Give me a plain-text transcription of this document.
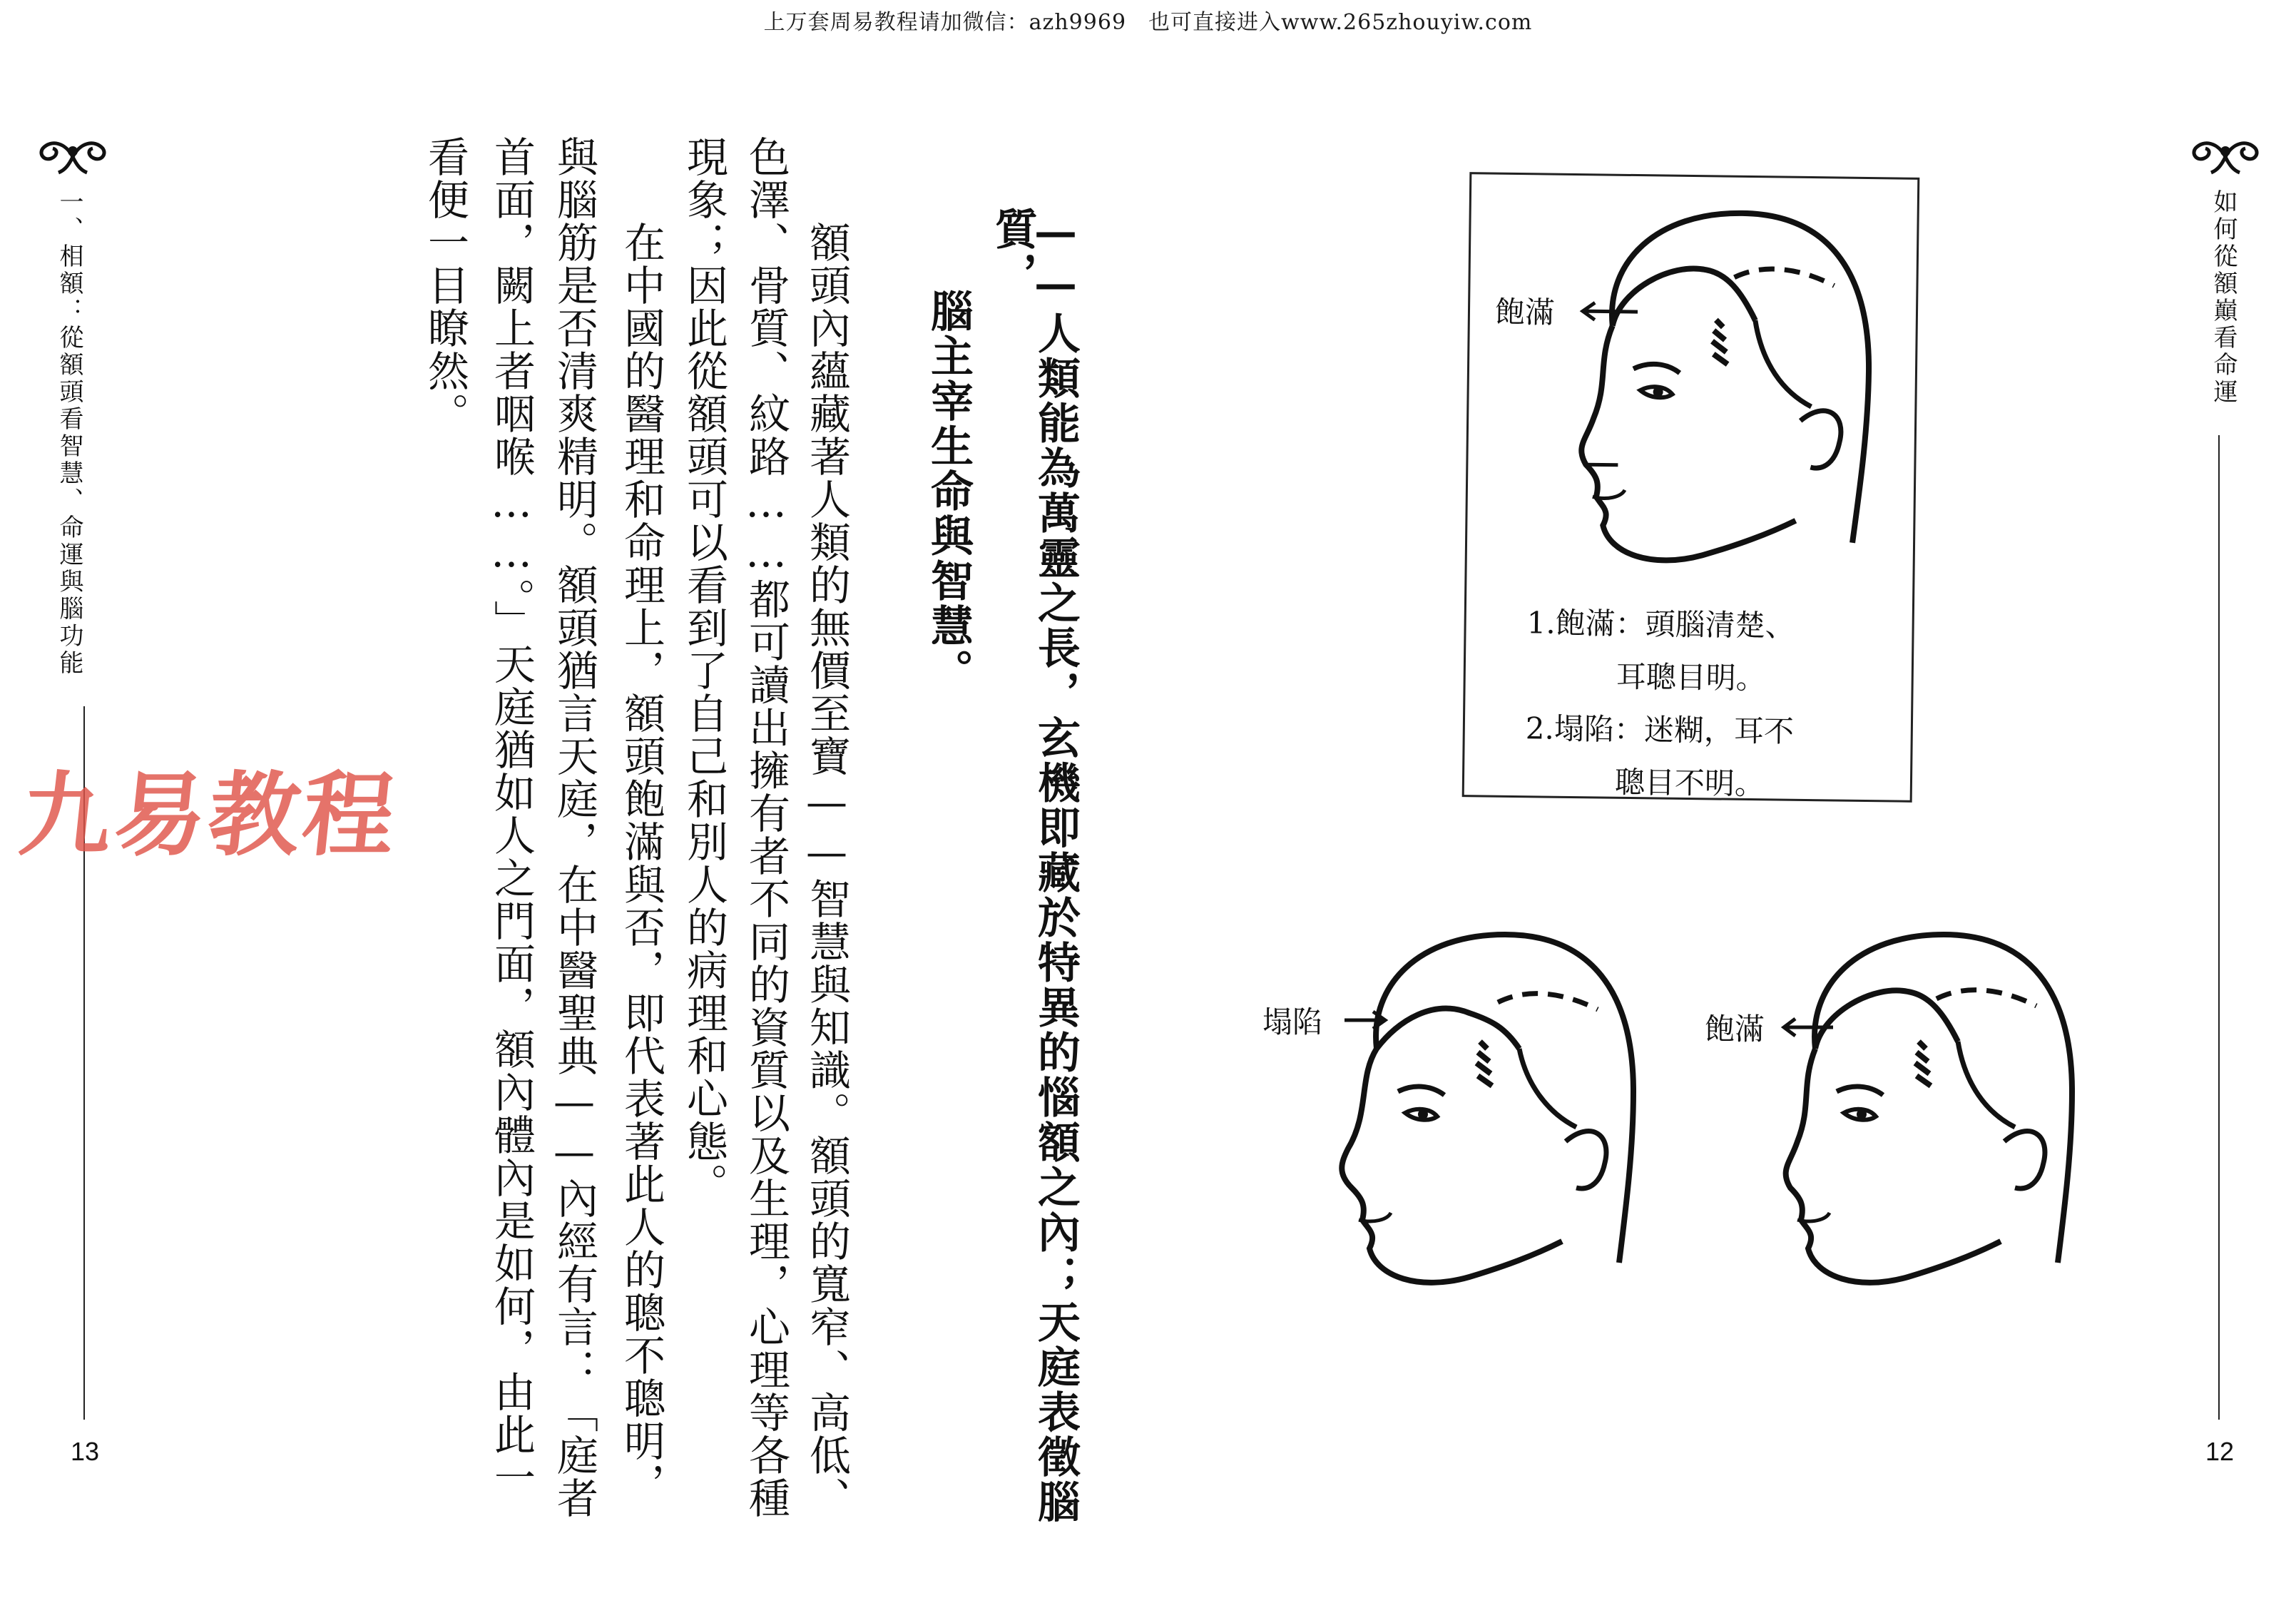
上万套周易教程请加微信：azh9969　也可直接进入www.265zhouyiw.com
一、相額：從額頭看智慧、命運與腦功能
13
九易教程	額頭內蘊藏著人類的無價至寶——智慧與知識。額頭的寬窄、高低、
色澤、骨質、紋路……都可讀出擁有者不同的資質以及生理，心理等各種
現象；因此從額頭可以看到了自己和別人的病理和心態。
在中國的醫理和命理上，額頭飽滿與否，即代表著此人的聰不聰明，
與腦筋是否清爽精明。額頭猶言天庭，在中醫聖典——內經有言：「庭者
首面，闕上者咽喉……。」天庭猶如人之門面，額內體內是如何，由此一
看便一目瞭然。	——人類能為萬靈之長，玄機即藏於特異的惱額之內；天庭表徵腦質，
腦主宰生命與智慧。	如何從額巔看命運
12
飽滿
1.飽滿：頭腦清楚、
　　　耳聰目明。
2.塌陷：迷糊，耳不
　　　聰目不明。
塌陷	飽滿
